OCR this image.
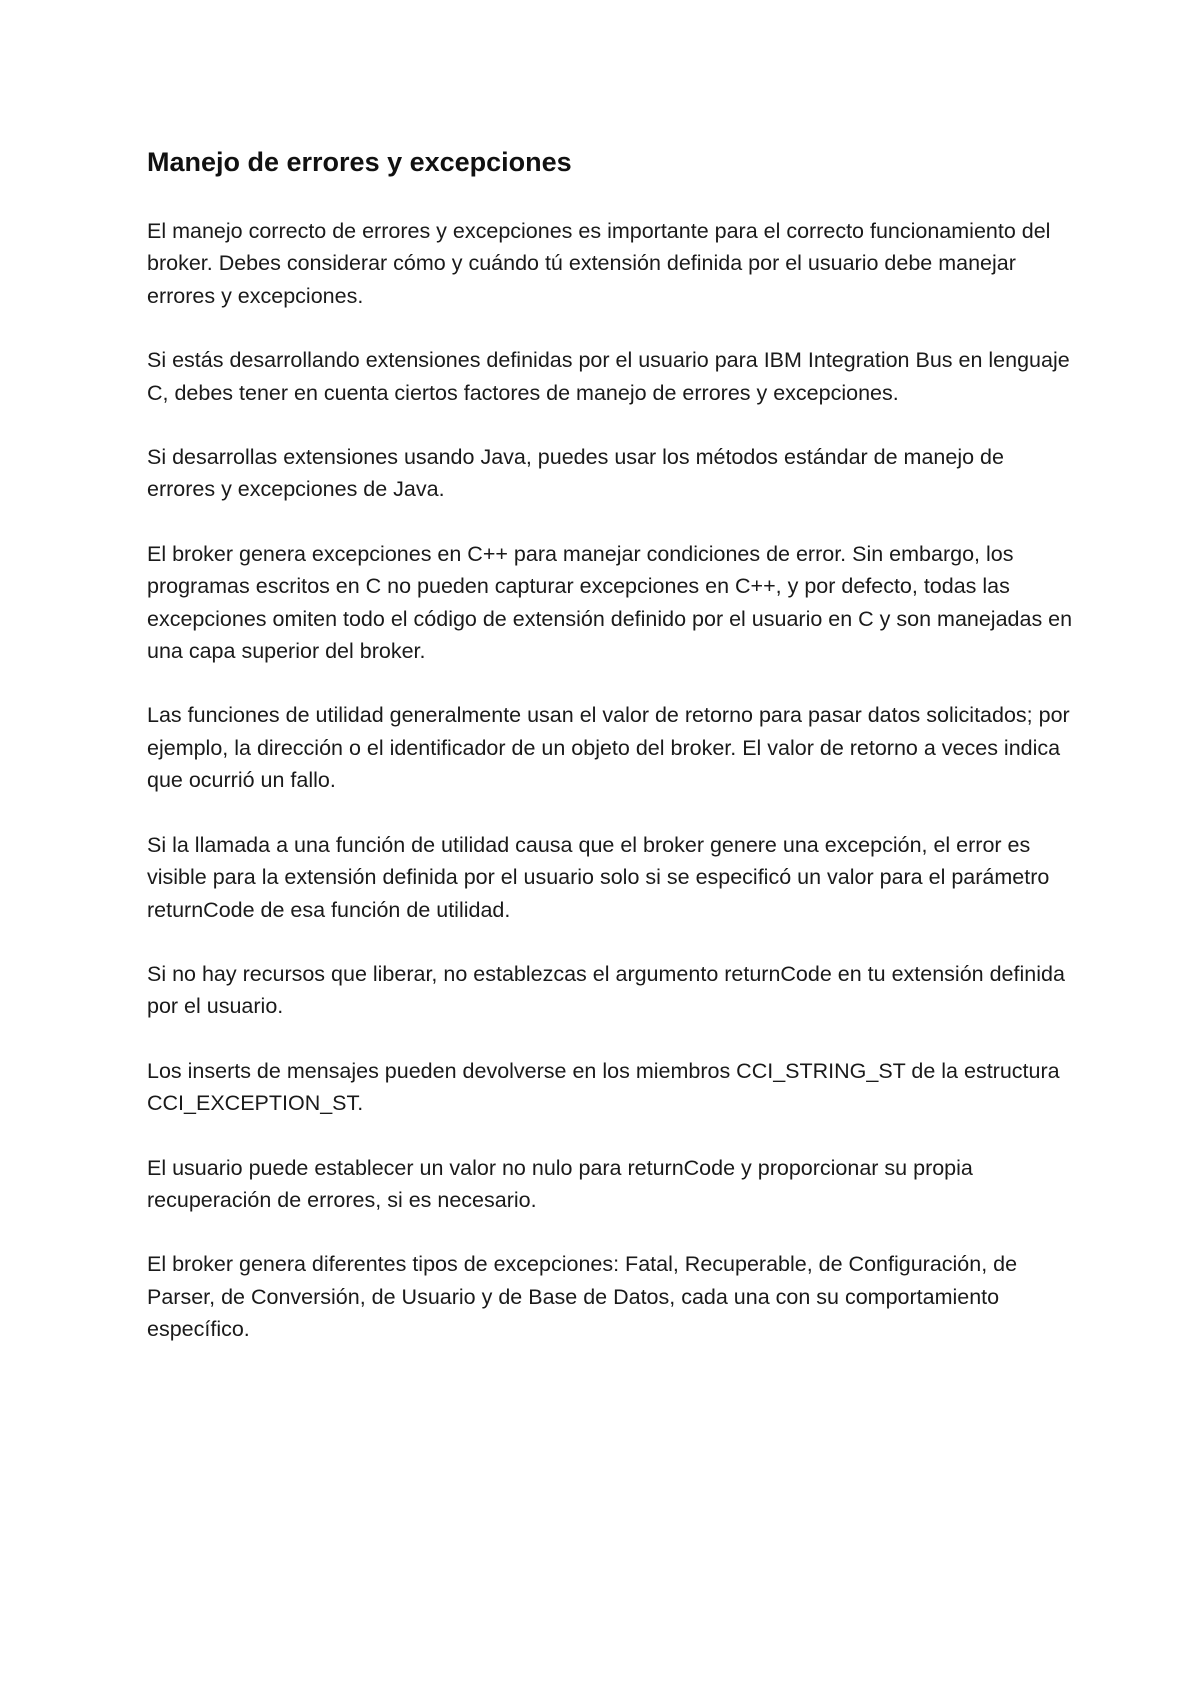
Manejo de errores y excepciones

El manejo correcto de errores y excepciones es importante para el correcto funcionamiento del broker. Debes considerar cómo y cuándo tú extensión definida por el usuario debe manejar errores y excepciones.

Si estás desarrollando extensiones definidas por el usuario para IBM Integration Bus en lenguaje C, debes tener en cuenta ciertos factores de manejo de errores y excepciones.

Si desarrollas extensiones usando Java, puedes usar los métodos estándar de manejo de errores y excepciones de Java.

El broker genera excepciones en C++ para manejar condiciones de error. Sin embargo, los programas escritos en C no pueden capturar excepciones en C++, y por defecto, todas las excepciones omiten todo el código de extensión definido por el usuario en C y son manejadas en una capa superior del broker.

Las funciones de utilidad generalmente usan el valor de retorno para pasar datos solicitados; por ejemplo, la dirección o el identificador de un objeto del broker. El valor de retorno a veces indica que ocurrió un fallo.

Si la llamada a una función de utilidad causa que el broker genere una excepción, el error es visible para la extensión definida por el usuario solo si se especificó un valor para el parámetro returnCode de esa función de utilidad.

Si no hay recursos que liberar, no establezcas el argumento returnCode en tu extensión definida por el usuario.

Los inserts de mensajes pueden devolverse en los miembros CCI_STRING_ST de la estructura CCI_EXCEPTION_ST.

El usuario puede establecer un valor no nulo para returnCode y proporcionar su propia recuperación de errores, si es necesario.

El broker genera diferentes tipos de excepciones: Fatal, Recuperable, de Configuración, de Parser, de Conversión, de Usuario y de Base de Datos, cada una con su comportamiento específico.
